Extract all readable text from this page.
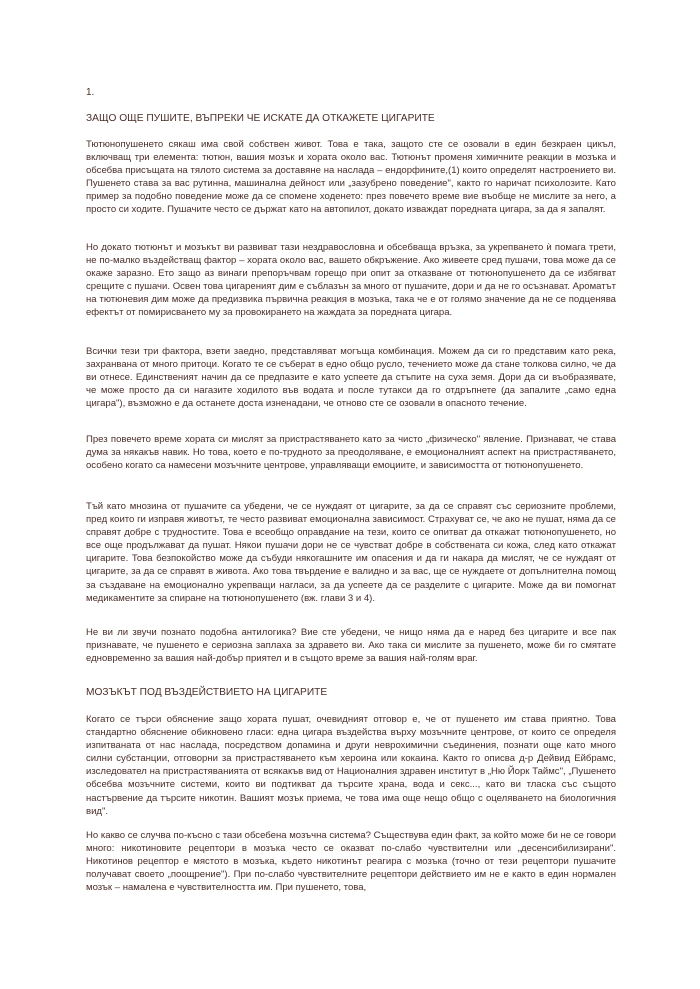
1.
ЗАЩО ОЩЕ ПУШИТЕ, ВЪПРЕКИ ЧЕ ИСКАТЕ ДА ОТКАЖЕТЕ ЦИГАРИТЕ

Тютюнопушенето сякаш има свой собствен живот. Това е така, защото сте се озовали в един безкраен цикъл, включващ три елемента: тютюн, вашия мозък и хората около вас. Тютюнът променя химичните реакции в мозъка и обсебва присъщата на тялото система за доставяне на наслада – ендорфините,(1) които определят настроението ви. Пушенето става за вас рутинна, машинална дейност или „зазубрено поведение", както го наричат психолозите. Като пример за подобно поведение може да се спомене ходенето: през повечето време вие въобще не мислите за него, а просто си ходите. Пушачите често се държат като на автопилот, докато изваждат поредната цигара, за да я запалят.

Но докато тютюнът и мозъкът ви развиват тази нездравословна и обсебваща връзка, за укрепването ѝ помага трети, не по-малко въздействащ фактор – хората около вас, вашето обкръжение. Ако живеете сред пушачи, това може да се окаже заразно. Ето защо аз винаги препоръчвам горещо при опит за отказване от тютюнопушенето да се избягват срещите с пушачи. Освен това цигареният дим е съблазън за много от пушачите, дори и да не го осъзнават. Ароматът на тютюневия дим може да предизвика първична реакция в мозъка, така че е от голямо значение да не се подценява ефектът от помирисването му за провокирането на жаждата за поредната цигара.

Всички тези три фактора, взети заедно, представляват могъща комбинация. Можем да си го представим като река, захранвана от много притоци. Когато те се съберат в едно общо русло, течението може да стане толкова силно, че да ви отнесе. Единственият начин да се предпазите е като успеете да стъпите на суха земя. Дори да си въобразявате, че може просто да си нагазите ходилото във водата и после тутакси да го отдръпнете (да запалите „само една цигара"), възможно е да останете доста изненадани, че отново сте се озовали в опасното течение.

През повечето време хората си мислят за пристрастяването като за чисто „физическо" явление. Признават, че става дума за някакъв навик. Но това, което е по-трудното за преодоляване, е емоционалният аспект на пристрастяването, особено когато са намесени мозъчните центрове, управляващи емоциите, и зависимостта от тютюнопушенето.

Тъй като мнозина от пушачите са убедени, че се нуждаят от цигарите, за да се справят със сериозните проблеми, пред които ги изправя животът, те често развиват емоционална зависимост. Страхуват се, че ако не пушат, няма да се справят добре с трудностите. Това е всеобщо оправдание на тези, които се опитват да откажат тютюнопушенето, но все още продължават да пушат. Някои пушачи дори не се чувстват добре в собствената си кожа, след като откажат цигарите. Това безпокойство може да събуди някогашните им опасения и да ги накара да мислят, че се нуждаят от цигарите, за да се справят в живота. Ако това твърдение е валидно и за вас, ще се нуждаете от допълнителна помощ за създаване на емоционално укрепващи нагласи, за да успеете да се разделите с цигарите. Може да ви помогнат медикаментите за спиране на тютюнопушенето (вж. глави 3 и 4).

Не ви ли звучи познато подобна антилогика? Вие сте убедени, че нищо няма да е наред без цигарите и все пак признавате, че пушенето е сериозна заплаха за здравето ви. Ако така си мислите за пушенето, може би го смятате едновременно за вашия най-добър приятел и в същото време за вашия най-голям враг.

МОЗЪКЪТ ПОД ВЪЗДЕЙСТВИЕТО НА ЦИГАРИТЕ

Когато се търси обяснение защо хората пушат, очевидният отговор е, че от пушенето им става приятно. Това стандартно обяснение обикновено гласи: една цигара въздейства върху мозъчните центрове, от които се определя изпитваната от нас наслада, посредством допамина и други неврохимични съединения, познати още като много силни субстанции, отговорни за пристрастяването към хероина или кокаина. Както го описва д-р Дейвид Ейбрамс, изследовател на пристрастяванията от всякакъв вид от Националния здравен институт в „Ню Йорк Таймс", „Пушенето обсебва мозъчните системи, които ви подтикват да търсите храна, вода и секс..., като ви тласка със същото настървение да търсите никотин. Вашият мозък приема, че това има още нещо общо с оцеляването на биологичния вид".

Но какво се случва по-късно с тази обсебена мозъчна система? Съществува един факт, за който може би не се говори много: никотиновите рецептори в мозъка често се оказват по-слабо чувствителни или „десенсибилизирани". Никотинов рецептор е мястото в мозъка, където никотинът реагира с мозъка (точно от тези рецептори пушачите получават своето „поощрение"). При по-слабо чувствителните рецептори действието им не е както в един нормален мозък – намалена е чувствителността им. При пушенето, това,
